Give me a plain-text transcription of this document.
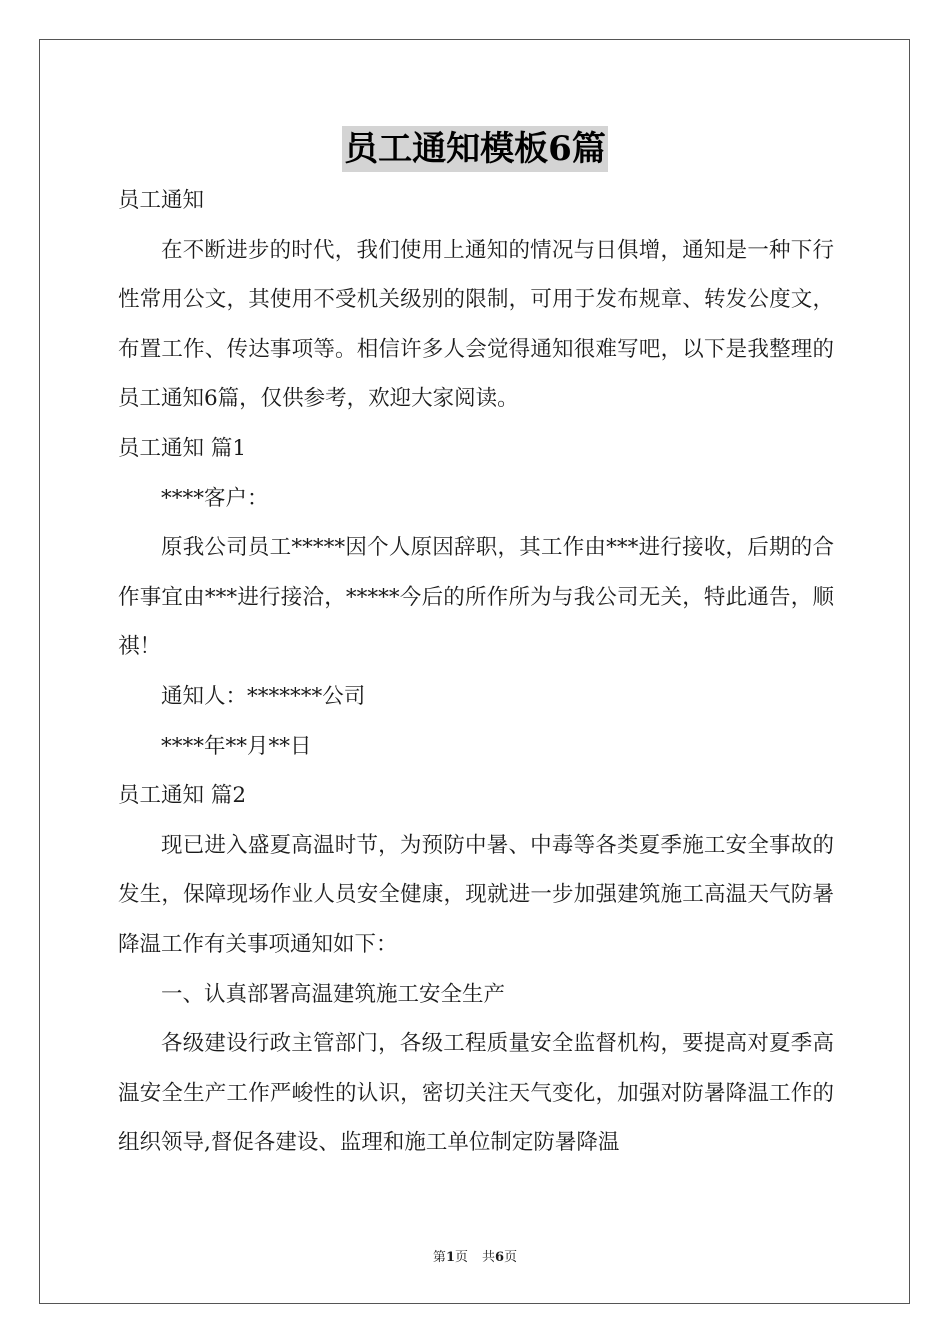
员工通知模板6篇

员工通知

在不断进步的时代，我们使用上通知的情况与日俱增，通知是一种下行性常用公文，其使用不受机关级别的限制，可用于发布规章、转发公度文，布置工作、传达事项等。相信许多人会觉得通知很难写吧，以下是我整理的员工通知6篇，仅供参考，欢迎大家阅读。

员工通知 篇1

****客户：

原我公司员工*****因个人原因辞职，其工作由***进行接收，后期的合作事宜由***进行接洽，*****今后的所作所为与我公司无关，特此通告，顺祺！

通知人：*******公司

****年**月**日

员工通知 篇2

现已进入盛夏高温时节，为预防中暑、中毒等各类夏季施工安全事故的发生，保障现场作业人员安全健康，现就进一步加强建筑施工高温天气防暑降温工作有关事项通知如下：

一、认真部署高温建筑施工安全生产

各级建设行政主管部门，各级工程质量安全监督机构，要提高对夏季高温安全生产工作严峻性的认识，密切关注天气变化，加强对防暑降温工作的组织领导,督促各建设、监理和施工单位制定防暑降温

第1页 共6页
